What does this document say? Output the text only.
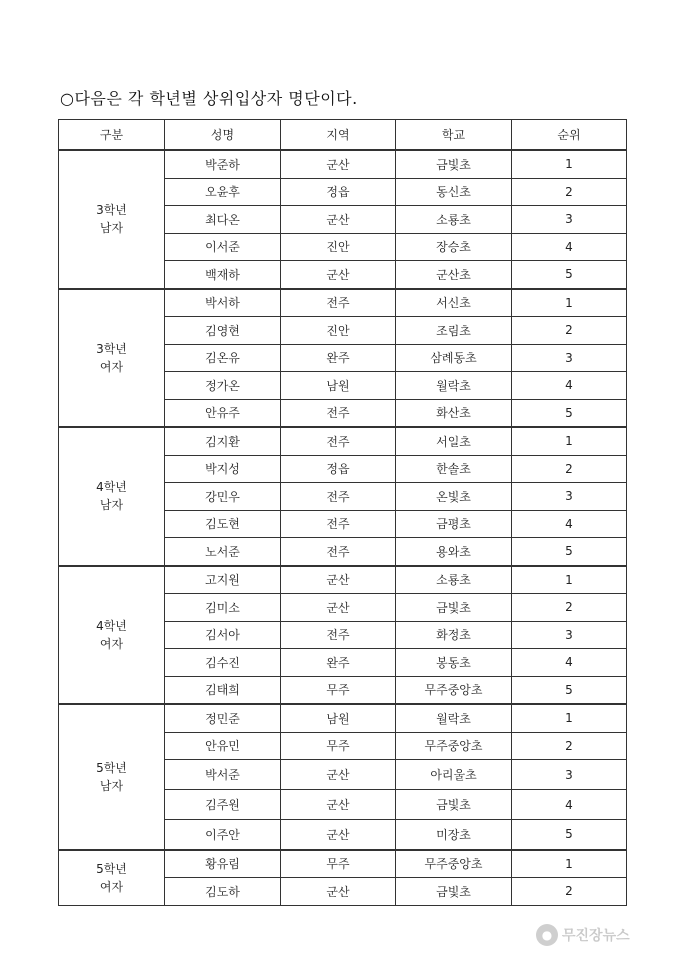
○다음은 각 학년별 상위입상자 명단이다.
구분	성명	지역	학교	순위
3학년
남자	박준하	군산	금빛초	1
	오윤후	정읍	동신초	2
	최다온	군산	소룡초	3
	이서준	진안	장승초	4
	백재하	군산	군산초	5
3학년
여자	박서하	전주	서신초	1
	김영현	진안	조림초	2
	김온유	완주	삼례동초	3
	정가온	남원	월락초	4
	안유주	전주	화산초	5
4학년
남자	김지환	전주	서일초	1
	박지성	정읍	한솔초	2
	강민우	전주	온빛초	3
	김도현	전주	금평초	4
	노서준	전주	용와초	5
4학년
여자	고지원	군산	소룡초	1
	김미소	군산	금빛초	2
	김서아	전주	화정초	3
	김수진	완주	봉동초	4
	김태희	무주	무주중앙초	5
5학년
남자	정민준	남원	월락초	1
	안유민	무주	무주중앙초	2
	박서준	군산	아리울초	3
	김주원	군산	금빛초	4
	이주안	군산	미장초	5
5학년
여자	황유림	무주	무주중앙초	1
	김도하	군산	금빛초	2
● 무진장뉴스
